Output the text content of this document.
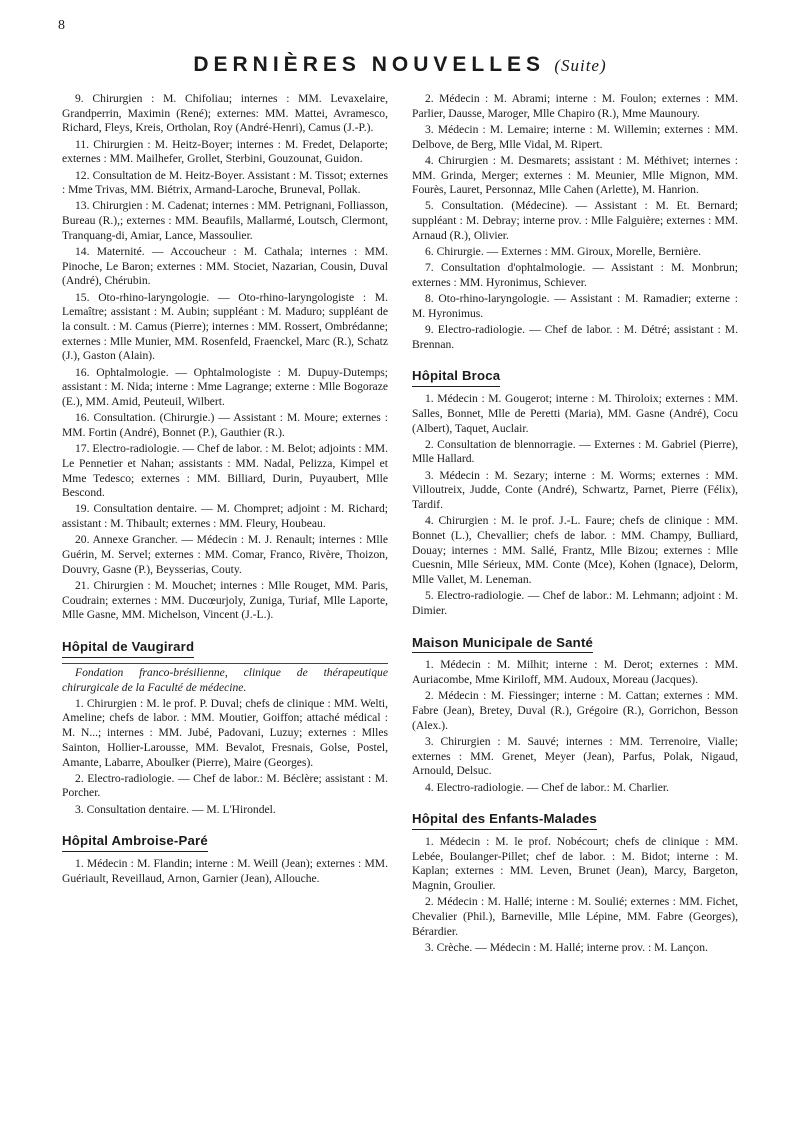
8
DERNIÈRES NOUVELLES (Suite)

9. Chirurgien : M. Chifoliau; internes : MM. Levaxelaire, Grandperrin, Maximin (René); externes: MM. Mattei, Avramesco, Richard, Fleys, Kreis, Ortholan, Roy (André-Henri), Camus (J.-P.).

11. Chirurgien : M. Heitz-Boyer; internes : M. Fredet, Delaporte; externes : MM. Mailhefer, Grollet, Sterbini, Gouzounat, Guidon.

12. Consultation de M. Heitz-Boyer. Assistant : M. Tissot; externes : Mme Trivas, MM. Biétrix, Armand-Laroche, Bruneval, Pollak.

13. Chirurgien : M. Cadenat; internes : MM. Petrignani, Folliasson, Bureau (R.),; externes : MM. Beaufils, Mallarmé, Loutsch, Clermont, Tranquang-di, Amiar, Lance, Massoulier.

14. Maternité. — Accoucheur : M. Cathala; internes : MM. Pinoche, Le Baron; externes : MM. Stociet, Nazarian, Cousin, Duval (André), Chérubin.

15. Oto-rhino-laryngologie. — Oto-rhino-laryngologiste : M. Lemaître; assistant : M. Aubin; suppléant : M. Maduro; suppléant de la consult. : M. Camus (Pierre); internes : MM. Rossert, Ombrédanne; externes : Mlle Munier, MM. Rosenfeld, Fraenckel, Marc (R.), Schatz (J.), Gaston (Alain).

16. Ophtalmologie. — Ophtalmologiste : M. Dupuy-Dutemps; assistant : M. Nida; interne : Mme Lagrange; externe : Mlle Bogoraze (E.), MM. Amid, Peuteuil, Wilbert.

16. Consultation. (Chirurgie.) — Assistant : M. Moure; externes : MM. Fortin (André), Bonnet (P.), Gauthier (R.).

17. Electro-radiologie. — Chef de labor. : M. Belot; adjoints : MM. Le Pennetier et Nahan; assistants : MM. Nadal, Pelizza, Kimpel et Mme Tedesco; externes : MM. Billiard, Durin, Puyaubert, Mlle Bescond.

19. Consultation dentaire. — M. Chompret; adjoint : M. Richard; assistant : M. Thibault; externes : MM. Fleury, Houbeau.

20. Annexe Grancher. — Médecin : M. J. Renault; internes : Mlle Guérin, M. Servel; externes : MM. Comar, Franco, Rivère, Thoizon, Douvry, Gasne (P.), Beysserias, Couty.

21. Chirurgien : M. Mouchet; internes : Mlle Rouget, MM. Paris, Coudrain; externes : MM. Ducœurjoly, Zuniga, Turiaf, Mlle Laporte, Mlle Gasne, MM. Michelson, Vincent (J.-L.).

Hôpital de Vaugirard

Fondation franco-brésilienne, clinique de thérapeutique chirurgicale de la Faculté de médecine.

1. Chirurgien : M. le prof. P. Duval; chefs de clinique : MM. Welti, Ameline; chefs de labor. : MM. Moutier, Goiffon; attaché médical : M. N...; internes : MM. Jubé, Padovani, Luzuy; externes : Mlles Sainton, Hollier-Larousse, MM. Bevalot, Fresnais, Golse, Postel, Amante, Labarre, Aboulker (Pierre), Maire (Georges).

2. Electro-radiologie. — Chef de labor.: M. Béclère; assistant : M. Porcher.

3. Consultation dentaire. — M. L'Hirondel.

Hôpital Ambroise-Paré

1. Médecin : M. Flandin; interne : M. Weill (Jean); externes : MM. Guériault, Reveillaud, Arnon, Garnier (Jean), Allouche.

2. Médecin : M. Abrami; interne : M. Foulon; externes : MM. Parlier, Dausse, Maroger, Mlle Chapiro (R.), Mme Maunoury.

3. Médecin : M. Lemaire; interne : M. Willemin; externes : MM. Delbove, de Berg, Mlle Vidal, M. Ripert.

4. Chirurgien : M. Desmarets; assistant : M. Méthivet; internes : MM. Grinda, Merger; externes : M. Meunier, Mlle Mignon, MM. Fourès, Lauret, Personnaz, Mlle Cahen (Arlette), M. Hanrion.

5. Consultation. (Médecine). — Assistant : M. Et. Bernard; suppléant : M. Debray; interne prov. : Mlle Falguière; externes : MM. Arnaud (R.), Olivier.

6. Chirurgie. — Externes : MM. Giroux, Morelle, Bernière.

7. Consultation d'ophtalmologie. — Assistant : M. Monbrun; externes : MM. Hyronimus, Schiever.

8. Oto-rhino-laryngologie. — Assistant : M. Ramadier; externe : M. Hyronimus.

9. Electro-radiologie. — Chef de labor. : M. Détré; assistant : M. Brennan.

Hôpital Broca

1. Médecin : M. Gougerot; interne : M. Thiroloix; externes : MM. Salles, Bonnet, Mlle de Peretti (Maria), MM. Gasne (André), Cocu (Albert), Taquet, Auclair.

2. Consultation de blennorragie. — Externes : M. Gabriel (Pierre), Mlle Hallard.

3. Médecin : M. Sezary; interne : M. Worms; externes : MM. Villoutreix, Judde, Conte (André), Schwartz, Parnet, Pierre (Félix), Tardif.

4. Chirurgien : M. le prof. J.-L. Faure; chefs de clinique : MM. Bonnet (L.), Chevallier; chefs de labor. : MM. Champy, Bulliard, Douay; internes : MM. Sallé, Frantz, Mlle Bizou; externes : Mlle Cuesnin, Mlle Sérieux, MM. Conte (Mce), Kohen (Ignace), Delorm, Mlle Vallet, M. Leneman.

5. Electro-radiologie. — Chef de labor.: M. Lehmann; adjoint : M. Dimier.

Maison Municipale de Santé

1. Médecin : M. Milhit; interne : M. Derot; externes : MM. Auriacombe, Mme Kiriloff, MM. Audoux, Moreau (Jacques).

2. Médecin : M. Fiessinger; interne : M. Cattan; externes : MM. Fabre (Jean), Bretey, Duval (R.), Grégoire (R.), Gorrichon, Besson (Alex.).

3. Chirurgien : M. Sauvé; internes : MM. Terrenoire, Vialle; externes : MM. Grenet, Meyer (Jean), Parfus, Polak, Nigaud, Arnould, Delsuc.

4. Electro-radiologie. — Chef de labor.: M. Charlier.

Hôpital des Enfants-Malades

1. Médecin : M. le prof. Nobécourt; chefs de clinique : MM. Lebée, Boulanger-Pillet; chef de labor. : M. Bidot; interne : M. Kaplan; externes : MM. Leven, Brunet (Jean), Marcy, Bargeton, Magnin, Groulier.

2. Médecin : M. Hallé; interne : M. Soulié; externes : MM. Fichet, Chevalier (Phil.), Barneville, Mlle Lépine, MM. Fabre (Georges), Bérardier.

3. Crèche. — Médecin : M. Hallé; interne prov. : M. Lançon.
